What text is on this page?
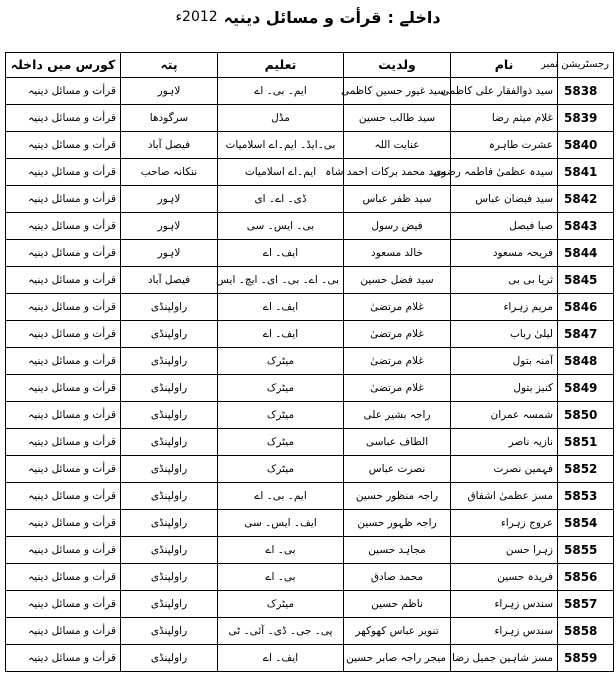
داخلے :
قرأت و مسائل دینیہ
2012ء
رجسٹریشن نمبر	نام	ولدیت	تعلیم	پتہ	کورس میں داخلہ
5838	سید ذوالفقار علی کاظمی	سید غیور حسین کاظمی	ایم۔ بی۔ اے	لاہور	قرأت و مسائل دینیہ
5839	غلام میثم رضا	سید طالب حسین	مڈل	سرگودھا	قرأت و مسائل دینیہ
5840	عشرت طاہرہ	عنایت اللہ	بی۔ایڈ۔ ایم۔اے اسلامیات	فیصل آباد	قرأت و مسائل دینیہ
5841	سیدہ عظمیٰ فاطمہ رضوی	سید محمد برکات احمد شاہ	ایم۔اے اسلامیات	ننکانہ صاحب	قرأت و مسائل دینیہ
5842	سید فیضان عباس	سید ظفر عباس	ڈی۔ اے۔ ای	لاہور	قرأت و مسائل دینیہ
5843	صبا فیصل	فیض رسول	بی۔ ایس۔ سی	لاہور	قرأت و مسائل دینیہ
5844	فریحہ مسعود	خالد مسعود	ایف۔ اے	لاہور	قرأت و مسائل دینیہ
5845	ثریا بی بی	سید فضل حسین	بی۔ اے۔ بی۔ ای۔ ایچ۔ ایس	فیصل آباد	قرأت و مسائل دینیہ
5846	مریم زہراء	غلام مرتضیٰ	ایف۔ اے	راولپنڈی	قرأت و مسائل دینیہ
5847	لیلیٰ رباب	غلام مرتضیٰ	ایف۔ اے	راولپنڈی	قرأت و مسائل دینیہ
5848	آمنہ بتول	غلام مرتضیٰ	میٹرک	راولپنڈی	قرأت و مسائل دینیہ
5849	کنیز بتول	غلام مرتضیٰ	میٹرک	راولپنڈی	قرأت و مسائل دینیہ
5850	شمسہ عمران	راجہ بشیر علی	میٹرک	راولپنڈی	قرأت و مسائل دینیہ
5851	نازیہ ناصر	الطاف عباسی	میٹرک	راولپنڈی	قرأت و مسائل دینیہ
5852	فہمین نصرت	نصرت عباس	میٹرک	راولپنڈی	قرأت و مسائل دینیہ
5853	مسز عظمیٰ اشفاق	راجہ منظور حسین	ایم۔ بی۔ اے	راولپنڈی	قرأت و مسائل دینیہ
5854	عروج زہراء	راجہ ظہور حسین	ایف۔ ایس۔ سی	راولپنڈی	قرأت و مسائل دینیہ
5855	زہرا حسن	مجاہد حسین	بی۔ اے	راولپنڈی	قرأت و مسائل دینیہ
5856	فریدہ حسین	محمد صادق	بی۔ اے	راولپنڈی	قرأت و مسائل دینیہ
5857	سندس زہراء	ناظم حسین	میٹرک	راولپنڈی	قرأت و مسائل دینیہ
5858	سندس زہراء	تنویر عباس کھوکھر	پی۔ جی۔ ڈی۔ آئی۔ ٹی	راولپنڈی	قرأت و مسائل دینیہ
5859	مسز شاہین جمیل رضا	میجر راجہ صابر حسین	ایف۔ اے	راولپنڈی	قرأت و مسائل دینیہ
